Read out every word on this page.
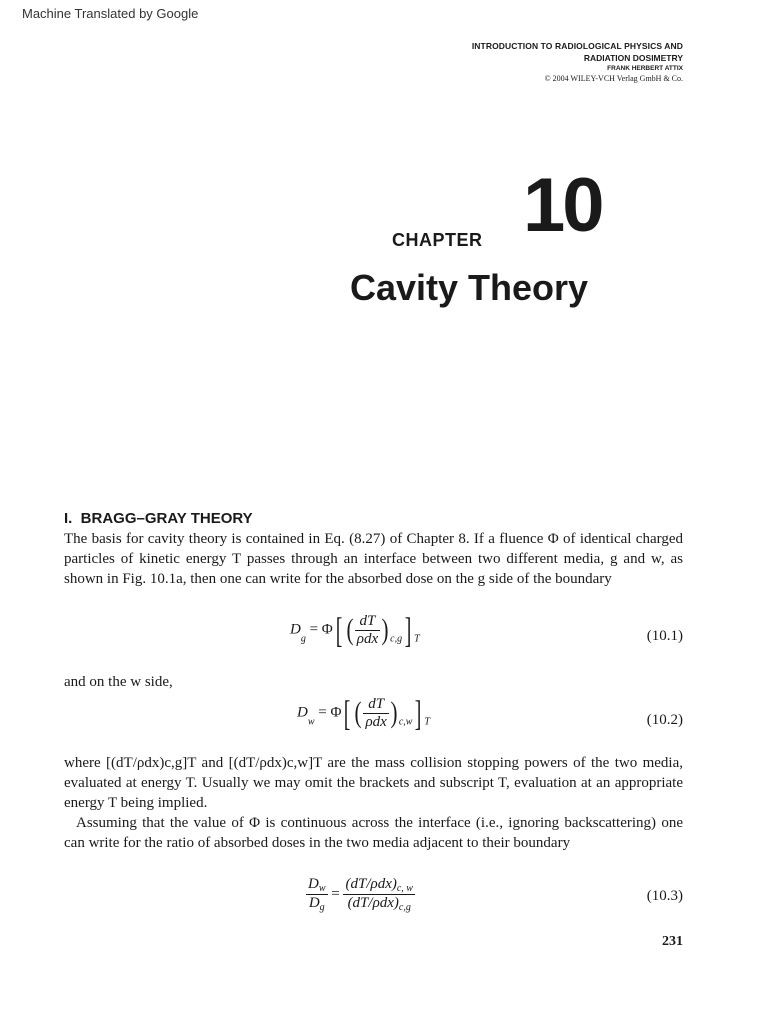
Machine Translated by Google
INTRODUCTION TO RADIOLOGICAL PHYSICS AND
RADIATION DOSIMETRY
FRANK HERBERT ATTIX
© 2004 WILEY-VCH Verlag GmbH & Co.
CHAPTER 10
Cavity Theory
I.  BRAGG–GRAY THEORY

The basis for cavity theory is contained in Eq. (8.27) of Chapter 8. If a fluence Φ of identical charged particles of kinetic energy T passes through an interface between two different media, g and w, as shown in Fig. 10.1a, then one can write for the absorbed dose on the g side of the boundary

$D_g = \Phi$[ ( $\frac{dT}{\text{ρdx}}$ ) $_{c,g}$] $_T$	(10.1)

and on the w side,

$D_w = \Phi$[ ( $\frac{dT}{\text{ρdx}}$ ) $_{c,w}$] $_T$	(10.2)

where [(dT/ρdx)c,g]T and [(dT/ρdx)c,w]T are the mass collision stopping powers of the two media, evaluated at energy T. Usually we may omit the brackets and subscript T, evaluation at an appropriate energy T being implied.

Assuming that the value of Φ is continuous across the interface (i.e., ignoring backscattering) one can write for the ratio of absorbed doses in the two media adjacent to their boundary

$\frac{D_w}{D_g} = \frac{(dT/\rho dx)_{c, w}}{(dT/\rho dx)_{c,g}}$	(10.3)
231
